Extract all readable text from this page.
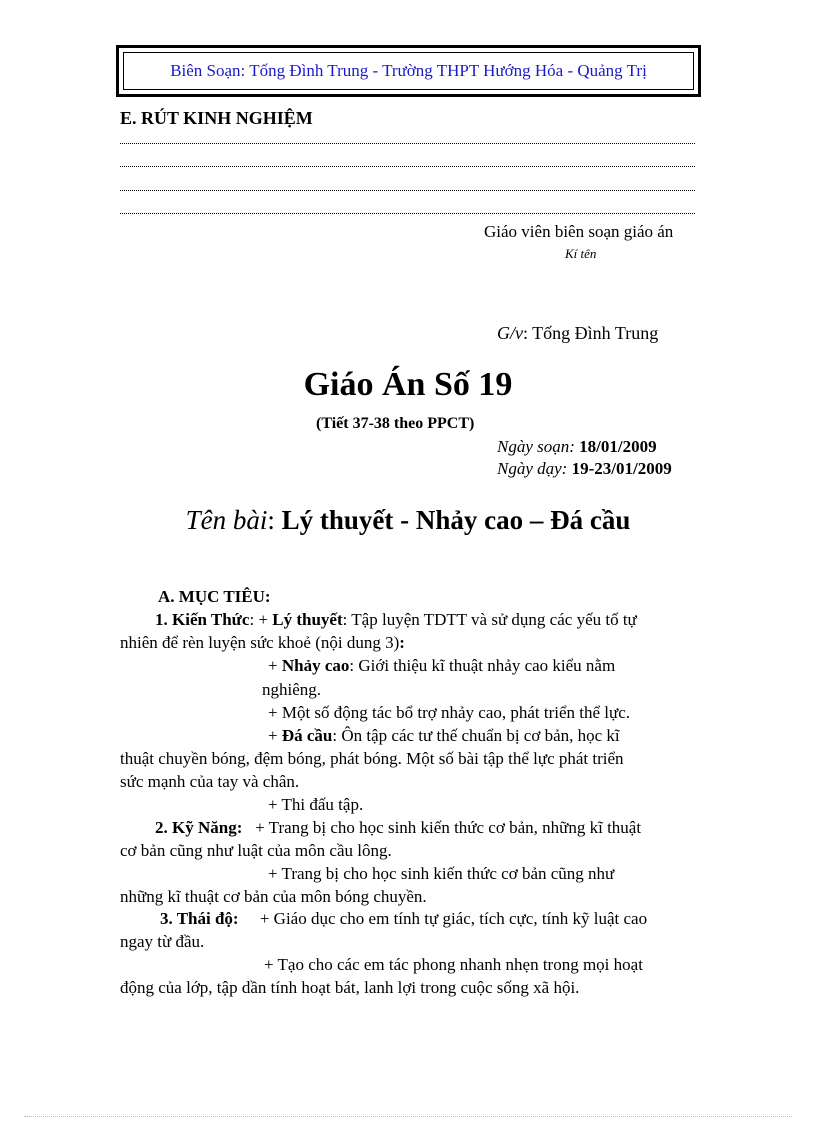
Biên Soạn: Tống Đình Trung - Trường THPT Hướng Hóa - Quảng Trị
E. RÚT KINH NGHIỆM
Giáo viên biên soạn giáo án
Kí tên
G/v: Tống Đình Trung
Giáo Án Số 19
(Tiết 37-38 theo PPCT)
Ngày soạn: 18/01/2009
Ngày dạy: 19-23/01/2009
Tên bài: Lý thuyết - Nhảy cao – Đá cầu
A. MỤC TIÊU:
1. Kiến Thức: + Lý thuyết: Tập luyện TDTT và sử dụng các yếu tố tự
nhiên để rèn luyện sức khoẻ (nội dung 3):
+ Nhảy cao: Giới thiệu kĩ thuật nhảy cao kiểu nằm
nghiêng.
+ Một số động tác bổ trợ nhảy cao, phát triển thể lực.
+ Đá cầu: Ôn tập các tư thế chuẩn bị cơ bản, học kĩ
thuật chuyền bóng, đệm bóng, phát bóng. Một số bài tập thể lực phát triển
sức mạnh của tay và chân.
+ Thi đấu tập.
2. Kỹ Năng: + Trang bị cho học sinh kiến thức cơ bản, những kĩ thuật
cơ bản cũng như luật của môn cầu lông.
+ Trang bị cho học sinh kiến thức cơ bản cũng như
những kĩ thuật cơ bản của môn bóng chuyền.
3. Thái độ: + Giáo dục cho em tính tự giác, tích cực, tính kỹ luật cao
ngay từ đầu.
+ Tạo cho các em tác phong nhanh nhẹn trong mọi hoạt
động của lớp, tập dần tính hoạt bát, lanh lợi trong cuộc sống xã hội.
